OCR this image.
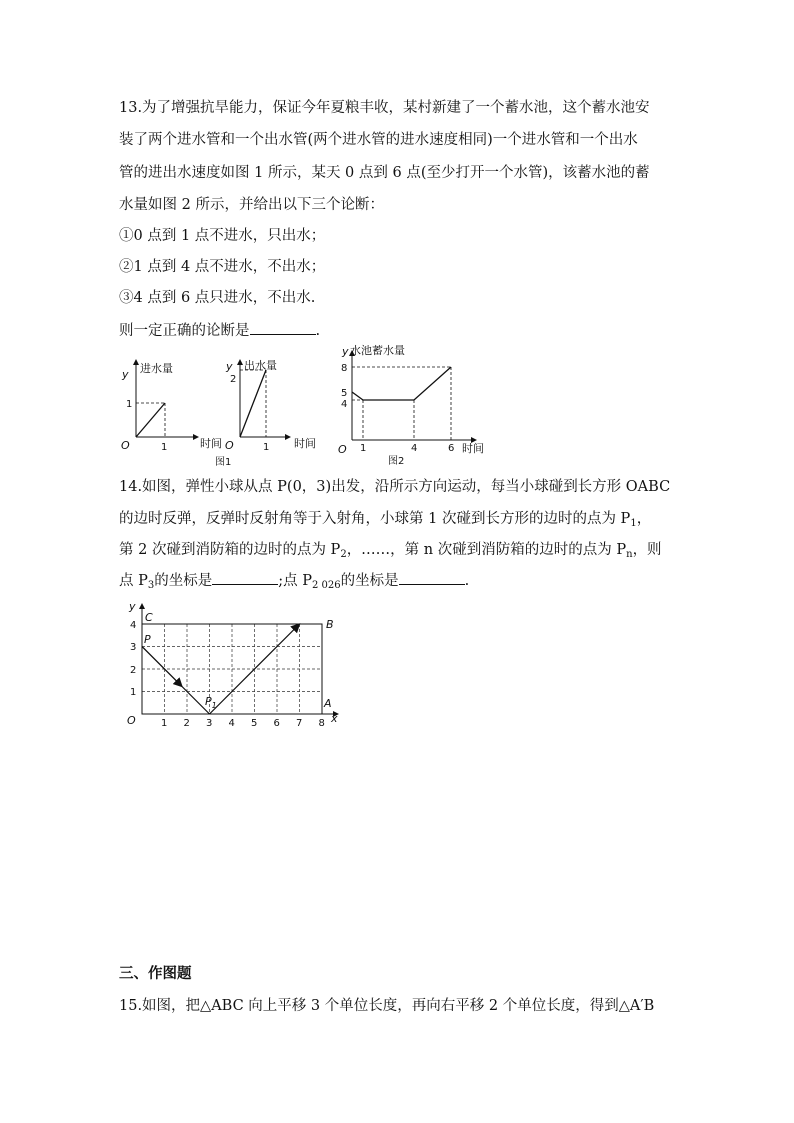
13.为了增强抗旱能力，保证今年夏粮丰收，某村新建了一个蓄水池，这个蓄水池安
装了两个进水管和一个出水管(两个进水管的进水速度相同)一个进水管和一个出水
管的进出水速度如图 1 所示，某天 0 点到 6 点(至少打开一个水管)，该蓄水池的蓄
水量如图 2 所示，并给出以下三个论断：
①0 点到 1 点不进水，只出水；
②1 点到 4 点不进水，不出水；
③4 点到 6 点只进水，不出水.
则一定正确的论断是	.
y 进水量
O	1
1
时间
y 出水量
O	1
2
时间
图1
y 水池蓄水量
O 1	4	6
8
5
4
时间
图2
14.如图，弹性小球从点 P(0，3)出发，沿所示方向运动，每当小球碰到长方形 OABC
的边时反弹，反弹时反射角等于入射角，小球第 1 次碰到长方形的边时的点为 $P_1$，
第 2 次碰到消防箱的边时的点为 $P_2$，……，第 n 次碰到消防箱的边时的点为 $P_n$，则
点 $P_3$的坐标是	;点 $P_{2 026}$的坐标是	.
y
x
O
C
B
A
P
$P_1$
1 2 3 4 5 6 7 8
1
2
3
4
三、作图题
15.如图，把△ABC 向上平移 3 个单位长度，再向右平移 2 个单位长度，得到△A′B
